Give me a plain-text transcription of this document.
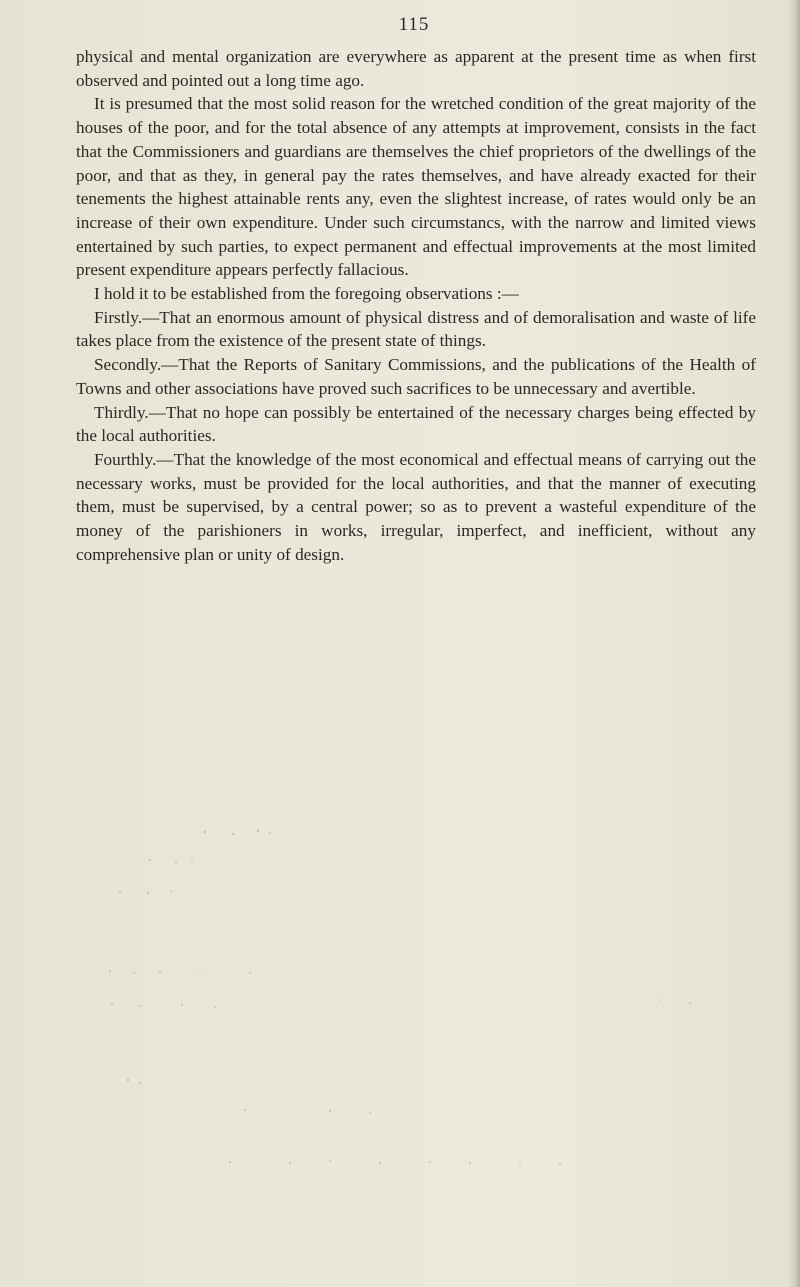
115

physical and mental organization are everywhere as apparent at the present time as when first observed and pointed out a long time ago.

It is presumed that the most solid reason for the wretched condition of the great majority of the houses of the poor, and for the total absence of any attempts at improvement, consists in the fact that the Commissioners and guardians are themselves the chief proprietors of the dwellings of the poor, and that as they, in general pay the rates themselves, and have already exacted for their tenements the highest attainable rents any, even the slightest increase, of rates would only be an increase of their own expenditure. Under such circumstancs, with the narrow and limited views entertained by such parties, to expect permanent and effectual improvements at the most limited present expenditure appears perfectly fallacious.

I hold it to be established from the foregoing observations :—

Firstly.—That an enormous amount of physical distress and of demoralisation and waste of life takes place from the existence of the present state of things.

Secondly.—That the Reports of Sanitary Commissions, and the publications of the Health of Towns and other associations have proved such sacrifices to be unnecessary and avertible.

Thirdly.—That no hope can possibly be entertained of the necessary charges being effected by the local authorities.

Fourthly.—That the knowledge of the most economical and effectual means of carrying out the necessary works, must be provided for the local authorities, and that the manner of executing them, must be supervised, by a central power; so as to prevent a wasteful expenditure of the money of the parishioners in works, irregular, imperfect, and inefficient, without any comprehensive plan or unity of design.
